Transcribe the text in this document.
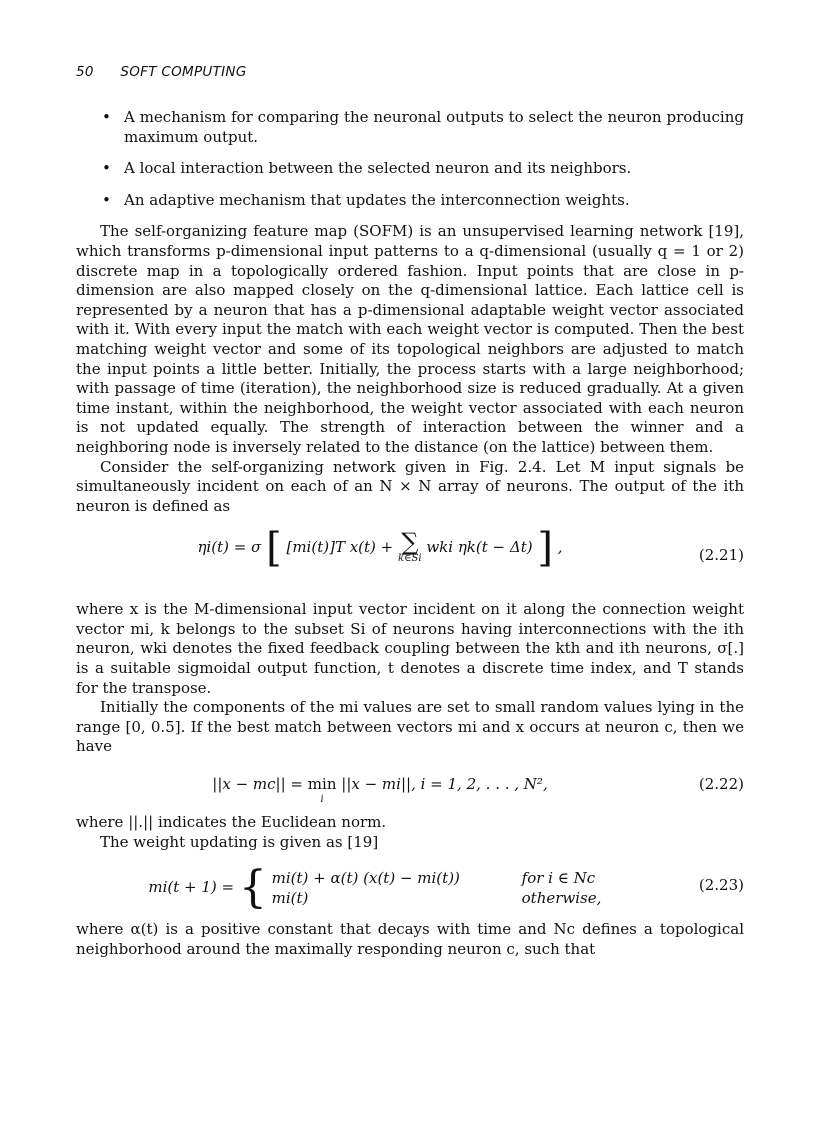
50 SOFT COMPUTING
• A mechanism for comparing the neuronal outputs to select the neuron producing maximum output.
• A local interaction between the selected neuron and its neighbors.
• An adaptive mechanism that updates the interconnection weights.

The self-organizing feature map (SOFM) is an unsupervised learning network [19], which transforms p-dimensional input patterns to a q-dimensional (usually q = 1 or 2) discrete map in a topologically ordered fashion. Input points that are close in p-dimension are also mapped closely on the q-dimensional lattice. Each lattice cell is represented by a neuron that has a p-dimensional adaptable weight vector associated with it. With every input the match with each weight vector is computed. Then the best matching weight vector and some of its topological neighbors are adjusted to match the input points a little better. Initially, the process starts with a large neighborhood; with passage of time (iteration), the neighborhood size is reduced gradually. At a given time instant, within the neighborhood, the weight vector associated with each neuron is not updated equally. The strength of interaction between the winner and a neighboring node is inversely related to the distance (on the lattice) between them.

Consider the self-organizing network given in Fig. 2.4. Let M input signals be simultaneously incident on each of an N × N array of neurons. The output of the ith neuron is defined as

ηi(t) = σ [ [mi(t)]T x(t) + ∑
k∈Si
wki ηk(t − Δt) ] ,	(2.21)

where x is the M-dimensional input vector incident on it along the connection weight vector mi, k belongs to the subset Si of neurons having interconnections with the ith neuron, wki denotes the fixed feedback coupling between the kth and ith neurons, σ[.] is a suitable sigmoidal output function, t denotes a discrete time index, and T stands for the transpose.

Initially the components of the mi values are set to small random values lying in the range [0, 0.5]. If the best match between vectors mi and x occurs at neuron c, then we have

||x − mc|| = min
i
||x − mi||, i = 1, 2, . . . , N²,	(2.22)

where ||.|| indicates the Euclidean norm.

The weight updating is given as [19]

mi(t + 1) = { mi(t) + α(t) (x(t) − mi(t))	for i ∈ Nc
mi(t)	otherwise,
(2.23)

where α(t) is a positive constant that decays with time and Nc defines a topological neighborhood around the maximally responding neuron c, such that
